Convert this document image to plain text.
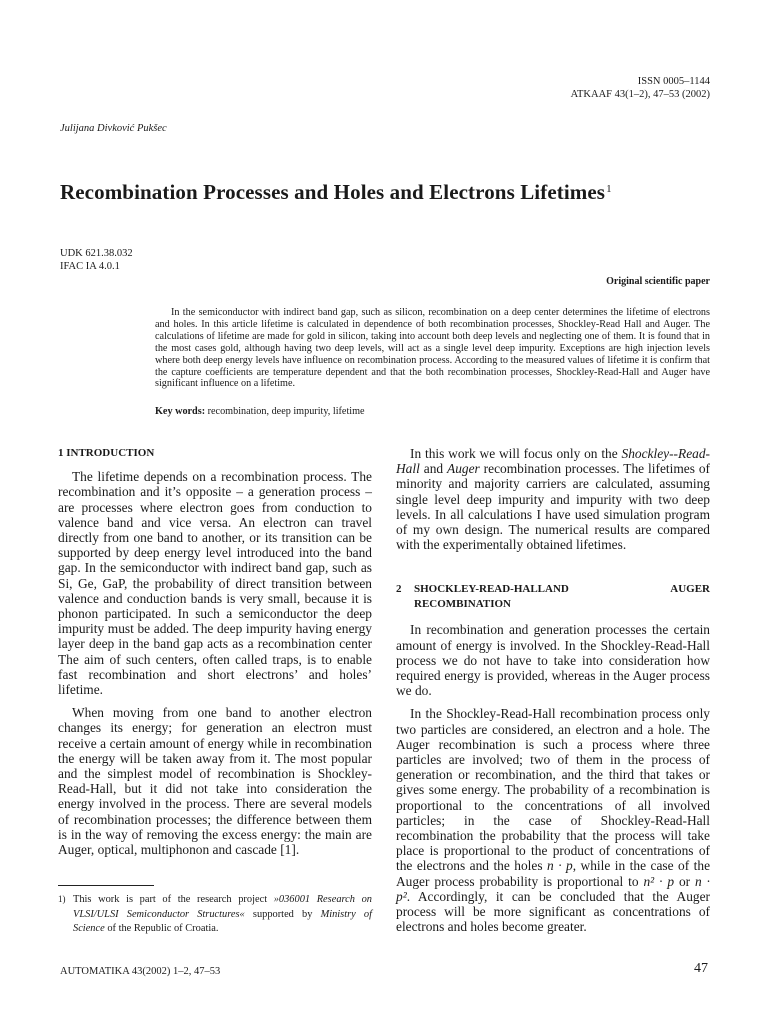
ISSN 0005–1144
ATKAAF 43(1–2), 47–53 (2002)
Julijana Divković Pukšec
Recombination Processes and Holes and Electrons Lifetimes$^1$
UDK 621.38.032
IFAC IA 4.0.1
Original scientific paper
In the semiconductor with indirect band gap, such as silicon, recombination on a deep center determines the lifetime of electrons and holes. In this article lifetime is calculated in dependence of both recombination processes, Shockley-Read Hall and Auger. The calculations of lifetime are made for gold in silicon, taking into account both deep levels and neglecting one of them. It is found that in the most cases gold, although having two deep levels, will act as a single level deep impurity. Exceptions are high injection levels where both deep energy levels have influence on recombination process. According to the measured values of lifetime it is confirm that the capture coefficients are temperature dependent and that the both recombination processes, Shockley-Read-Hall and Auger have significant influence on a lifetime.
Key words: recombination, deep impurity, lifetime
1 INTRODUCTION

The lifetime depends on a recombination process. The recombination and it’s opposite – a generation process – are processes where electron goes from conduction to valence band and vice versa. An electron can travel directly from one band to another, or its transition can be supported by deep energy level introduced into the band gap. In the semiconductor with indirect band gap, such as Si, Ge, GaP, the probability of direct transition between valence and conduction bands is very small, because it is phonon participated. In such a semiconductor the deep impurity must be added. The deep impurity having energy layer deep in the band gap acts as a recombination center The aim of such centers, often called traps, is to enable fast recombination and short electrons’ and holes’ lifetime.

When moving from one band to another electron changes its energy; for generation an electron must receive a certain amount of energy while in recombination the energy will be taken away from it. The most popular and the simplest model of recombination is Shockley-Read-Hall, but it did not take into consideration the energy involved in the process. There are several models of recombination processes; the difference between them is in the way of removing the excess energy: the main are Auger, optical, multiphonon and cascade [1].

In this work we will focus only on the Shockley--Read-Hall and Auger recombination processes. The lifetimes of minority and majority carriers are calculated, assuming single level deep impurity and impurity with two deep levels. In all calculations I have used simulation program of my own design. The numerical results are compared with the experimentally obtained lifetimes.

2	SHOCKLEY-READ-HALLAND AUGER RECOMBINATION

In recombination and generation processes the certain amount of energy is involved. In the Shockley-Read-Hall process we do not have to take into consideration how required energy is provided, whereas in the Auger process we do.

In the Shockley-Read-Hall recombination process only two particles are considered, an electron and a hole. The Auger recombination is such a process where three particles are involved; two of them in the process of generation or recombination, and the third that takes or gives some energy. The probability of a recombination is proportional to the concentrations of all involved particles; in the case of Shockley-Read-Hall recombination the probability that the process will take place is proportional to the product of concentrations of the electrons and the holes n · p, while in the case of the Auger process probability is proportional to n² · p or n · p². Accordingly, it can be concluded that the Auger process will be more significant as concentrations of electrons and holes become greater.

1) This work is part of the research project »036001 Research on VLSI/ULSI Semiconductor Structures« supported by Ministry of Science of the Republic of Croatia.
AUTOMATIKA 43(2002) 1–2, 47–53	47
